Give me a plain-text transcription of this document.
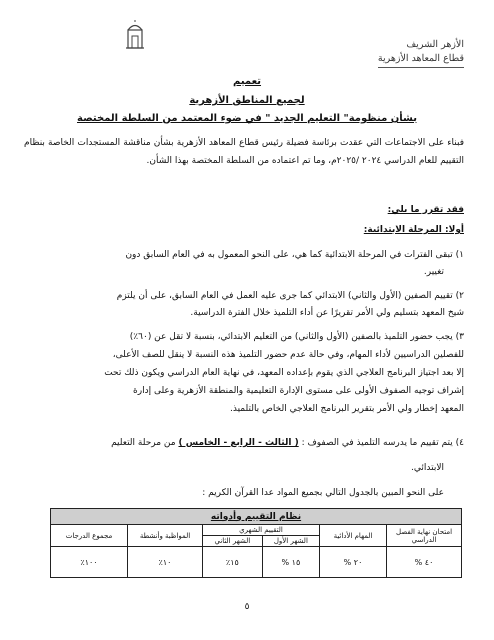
الأزهر الشريف
قطاع المعاهد الأزهرية
تعميم
لجميع المناطق الأزهرية
بشأن منظومة" التعليم الجديد " في ضوء المعتمد من السلطة المختصة
فبناء على الاجتماعات التي عقدت برئاسة فضيلة رئيس قطاع المعاهد الأزهرية بشأن مناقشة المستجدات الخاصة بنظام التقييم للعام الدراسي ٢٠٢٤ /٢٠٢٥م، وما تم اعتماده من السلطة المختصة بهذا الشأن.
فقد تقرر ما يلي:
أولا: المرحلة الابتدائية:
١) تبقى الفترات في المرحلة الابتدائية كما هي، على النحو المعمول به في العام السابق دون
تغيير.
٢) تقييم الصفين (الأول والثاني) الابتدائي كما جرى عليه العمل في العام السابق، على أن يلتزم
شيخ المعهد بتسليم ولي الأمر تقريرًا عن أداء التلميذ خلال الفترة الدراسية.
٣) يجب حضور التلميذ بالصفين (الأول والثاني) من التعليم الابتدائي، بنسبة لا تقل عن (٦٠٪)
للفصلين الدراسيين لأداء المهام، وفي حالة عدم حضور التلميذ هذه النسبة لا ينقل للصف الأعلى،
إلا بعد اجتياز البرنامج العلاجي الذي يقوم بإعداده المعهد، في نهاية العام الدراسي ويكون ذلك تحت
إشراف توجيه الصفوف الأولى على مستوى الإدارة التعليمية والمنطقة الأزهرية وعلى إدارة
المعهد إخطار ولي الأمر بتقرير البرنامج العلاجي الخاص بالتلميذ.
٤) يتم تقييم ما يدرسه التلميذ في الصفوف : ( الثالث - الرابع - الخامس ) من مرحلة التعليم
الابتدائي.
على النحو المبين بالجدول التالي بجميع المواد عدا القرآن الكريم :
نظام التقييم وأدواته					
امتحان نهاية الفصل الدراسي	المهام الأدائية	التقييم الشهري		المواظبة وأنشطة	مجموع الدرجات
		الشهر الأول	الشهر الثاني		
٤٠ %	٢٠ %	١٥ %	١٥٪	١٠٪	١٠٠٪
٥
